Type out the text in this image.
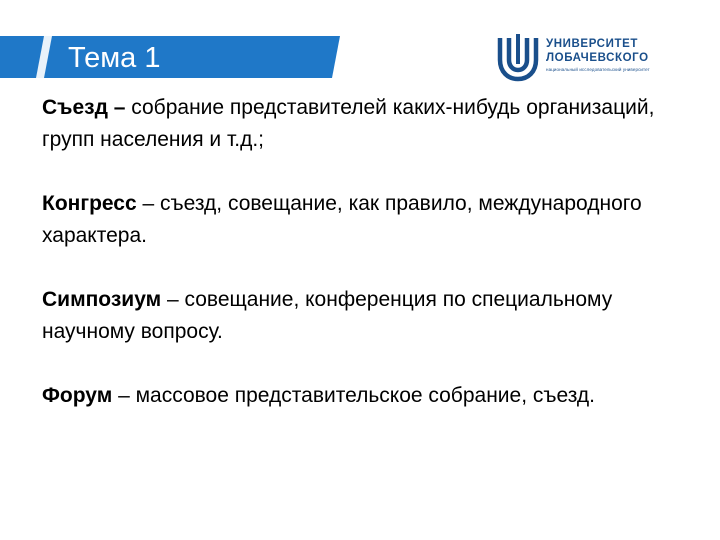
Тема 1	УНИВЕРСИТЕТ
ЛОБАЧЕВСКОГО
национальный исследовательский университет

Съезд – собрание представителей каких-нибудь организаций, групп населения и т.д.;

Конгресс – съезд, совещание, как правило, международного характера.

Симпозиум – совещание, конференция по специальному научному вопросу.

Форум – массовое представительское собрание, съезд.
